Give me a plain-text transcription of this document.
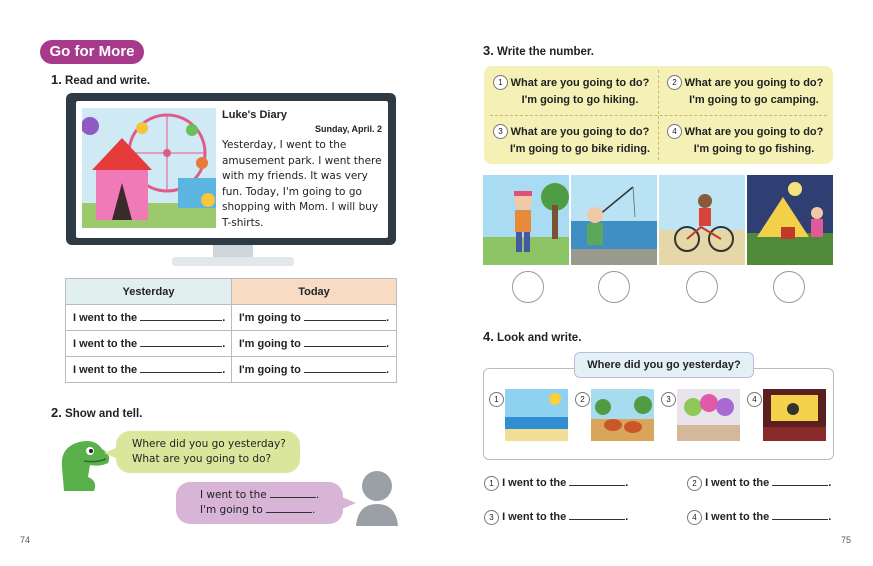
Go for More
1. Read and write.
Luke's Diary
Sunday, April. 2
Yesterday, I went to the
amusement park. I went there
with my friends. It was very
fun. Today, I'm going to go
shopping with Mom. I will buy
T-shirts.
Yesterday	Today
I went to the .	I'm going to .
I went to the .	I'm going to .
I went to the .	I'm going to .
2. Show and tell.

Where did you go yesterday?

What are you going to do?

I went to the	.

I'm going to	.

74
3. Write the number.
1 What are you going to do?
I'm going to go hiking.
2 What are you going to do?
I'm going to go camping.
3 What are you going to do?
I'm going to go bike riding.
4 What are you going to do?
I'm going to go fishing.
4. Look and write.
Where did you go yesterday?
1	2	3	4
1 I went to the	.	2 I went to the	.
3 I went to the	.	4 I went to the	.
75
